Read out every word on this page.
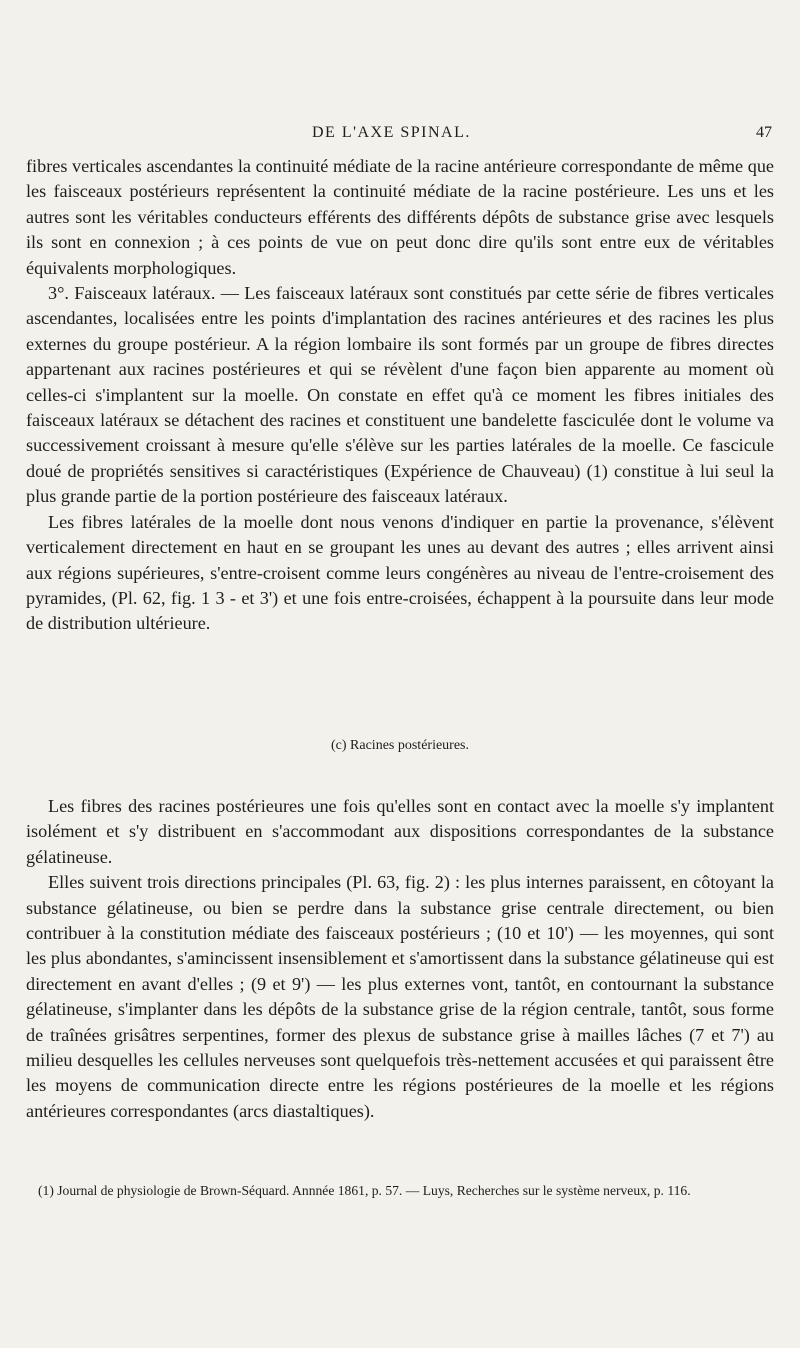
DE L'AXE SPINAL.	47

fibres verticales ascendantes la continuité médiate de la racine antérieure correspondante de même que les faisceaux postérieurs représentent la continuité médiate de la racine postérieure. Les uns et les autres sont les véritables conducteurs efférents des différents dépôts de substance grise avec lesquels ils sont en connexion ; à ces points de vue on peut donc dire qu'ils sont entre eux de véritables équivalents morphologiques.

3°. Faisceaux latéraux. — Les faisceaux latéraux sont constitués par cette série de fibres verticales ascendantes, localisées entre les points d'implantation des racines antérieures et des racines les plus externes du groupe postérieur. A la région lombaire ils sont formés par un groupe de fibres directes appartenant aux racines postérieures et qui se révèlent d'une façon bien apparente au moment où celles-ci s'implantent sur la moelle. On constate en effet qu'à ce moment les fibres initiales des faisceaux latéraux se détachent des racines et constituent une bandelette fasciculée dont le volume va successivement croissant à mesure qu'elle s'élève sur les parties latérales de la moelle. Ce fascicule doué de propriétés sensitives si caractéristiques (Expérience de Chauveau) (1) constitue à lui seul la plus grande partie de la portion postérieure des faisceaux latéraux.

Les fibres latérales de la moelle dont nous venons d'indiquer en partie la provenance, s'élèvent verticalement directement en haut en se groupant les unes au devant des autres ; elles arrivent ainsi aux régions supérieures, s'entre-croisent comme leurs congénères au niveau de l'entre-croisement des pyramides, (Pl. 62, fig. 1 3 - et 3') et une fois entre-croisées, échappent à la poursuite dans leur mode de distribution ultérieure.

(c) Racines postérieures.

Les fibres des racines postérieures une fois qu'elles sont en contact avec la moelle s'y implantent isolément et s'y distribuent en s'accommodant aux dispositions correspondantes de la substance gélatineuse.

Elles suivent trois directions principales (Pl. 63, fig. 2) : les plus internes paraissent, en côtoyant la substance gélatineuse, ou bien se perdre dans la substance grise centrale directement, ou bien contribuer à la constitution médiate des faisceaux postérieurs ; (10 et 10') — les moyennes, qui sont les plus abondantes, s'amincissent insensiblement et s'amortissent dans la substance gélatineuse qui est directement en avant d'elles ; (9 et 9') — les plus externes vont, tantôt, en contournant la substance gélatineuse, s'implanter dans les dépôts de la substance grise de la région centrale, tantôt, sous forme de traînées grisâtres serpentines, former des plexus de substance grise à mailles lâches (7 et 7') au milieu desquelles les cellules nerveuses sont quelquefois très-nettement accusées et qui paraissent être les moyens de communication directe entre les régions postérieures de la moelle et les régions antérieures correspondantes (arcs diastaltiques).

(1) Journal de physiologie de Brown-Séquard. Annnée 1861, p. 57. — Luys, Recherches sur le système nerveux, p. 116.
